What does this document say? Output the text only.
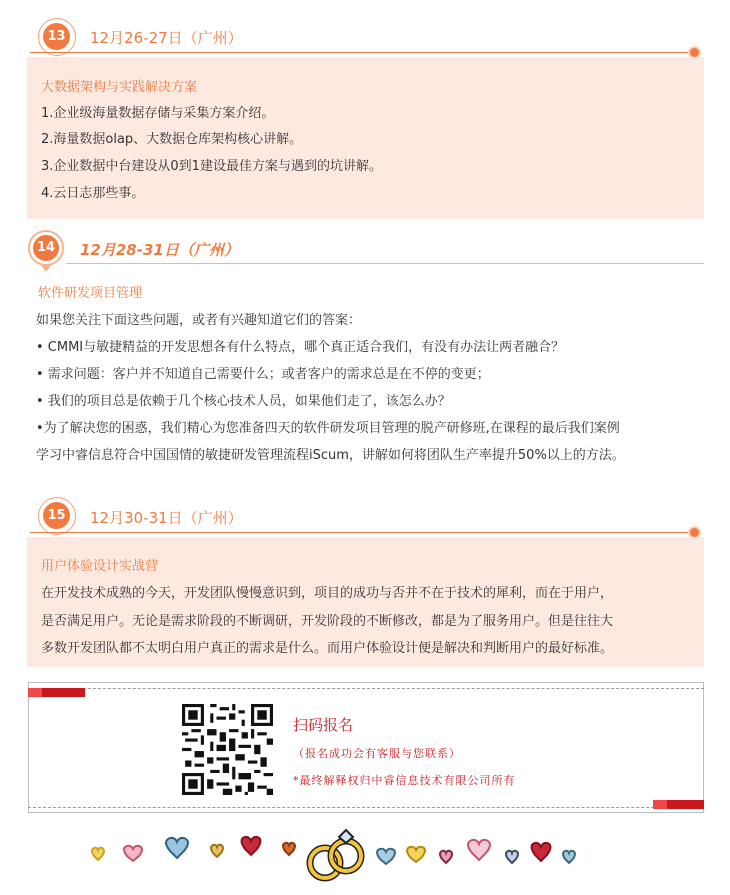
13 12月26-27日（广州）
大数据架构与实践解决方案
1.企业级海量数据存储与采集方案介绍。
2.海量数据olap、大数据仓库架构核心讲解。
3.企业数据中台建设从0到1建设最佳方案与遇到的坑讲解。
4.云日志那些事。
14 12月28-31日（广州）
软件研发项目管理
如果您关注下面这些问题，或者有兴趣知道它们的答案：
• CMMI与敏捷精益的开发思想各有什么特点，哪个真正适合我们，有没有办法让两者融合？
• 需求问题：客户并不知道自己需要什么；或者客户的需求总是在不停的变更；
• 我们的项目总是依赖于几个核心技术人员，如果他们走了，该怎么办？
•为了解决您的困惑，我们精心为您准备四天的软件研发项目管理的脱产研修班,在课程的最后我们案例
学习中睿信息符合中国国情的敏捷研发管理流程iScum，讲解如何将团队生产率提升50%以上的方法。
15 12月30-31日（广州）
用户体验设计实战营
在开发技术成熟的今天，开发团队慢慢意识到，项目的成功与否并不在于技术的犀利，而在于用户，
是否满足用户。无论是需求阶段的不断调研，开发阶段的不断修改，都是为了服务用户。但是往往大
多数开发团队都不太明白用户真正的需求是什么。而用户体验设计便是解决和判断用户的最好标准。
扫码报名
（报名成功会有客服与您联系）
*最终解释权归中睿信息技术有限公司所有
